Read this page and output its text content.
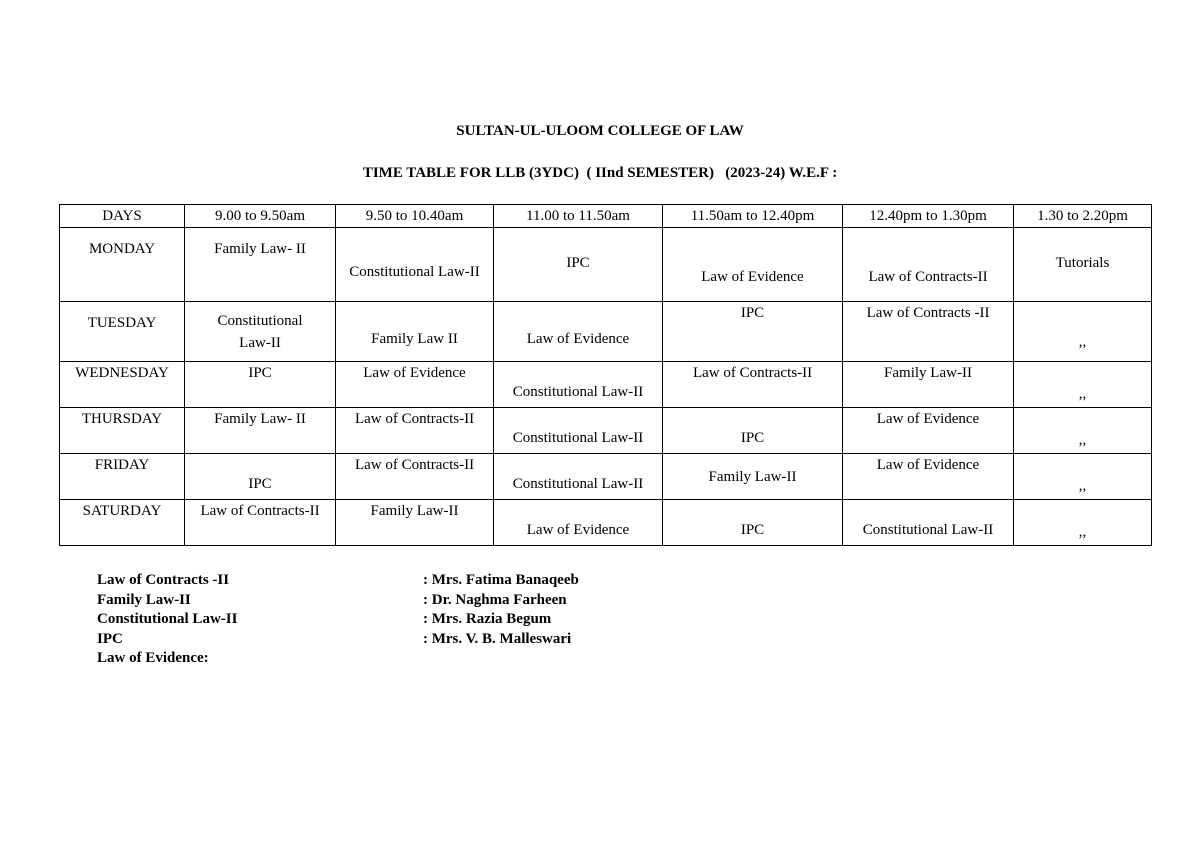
SULTAN-UL-ULOOM COLLEGE OF LAW
TIME TABLE FOR LLB (3YDC)  ( IInd SEMESTER)   (2023-24) W.E.F :
DAYS	9.00 to 9.50am	9.50 to 10.40am	11.00 to 11.50am	11.50am to 12.40pm	12.40pm to 1.30pm	1.30 to 2.20pm
MONDAY	Family Law- II	Constitutional Law-II	IPC	Law of Evidence	Law of Contracts-II	Tutorials
TUESDAY	Constitutional Law-II	Family Law II	Law of Evidence	IPC	Law of Contracts -II	,,
WEDNESDAY	IPC	Law of Evidence	Constitutional Law-II	Law of Contracts-II	Family Law-II	,,
THURSDAY	Family Law- II	Law of Contracts-II	Constitutional Law-II	IPC	Law of Evidence	,,
FRIDAY	IPC	Law of Contracts-II	Constitutional Law-II	Family Law-II	Law of Evidence	,,
SATURDAY	Law of Contracts-II	Family Law-II	Law of Evidence	IPC	Constitutional Law-II	,,
Law of Contracts -II	: Mrs. Fatima Banaqeeb
Family Law-II	: Dr. Naghma Farheen
Constitutional Law-II	: Mrs. Razia Begum
IPC	: Mrs. V. B. Malleswari
Law of Evidence:
